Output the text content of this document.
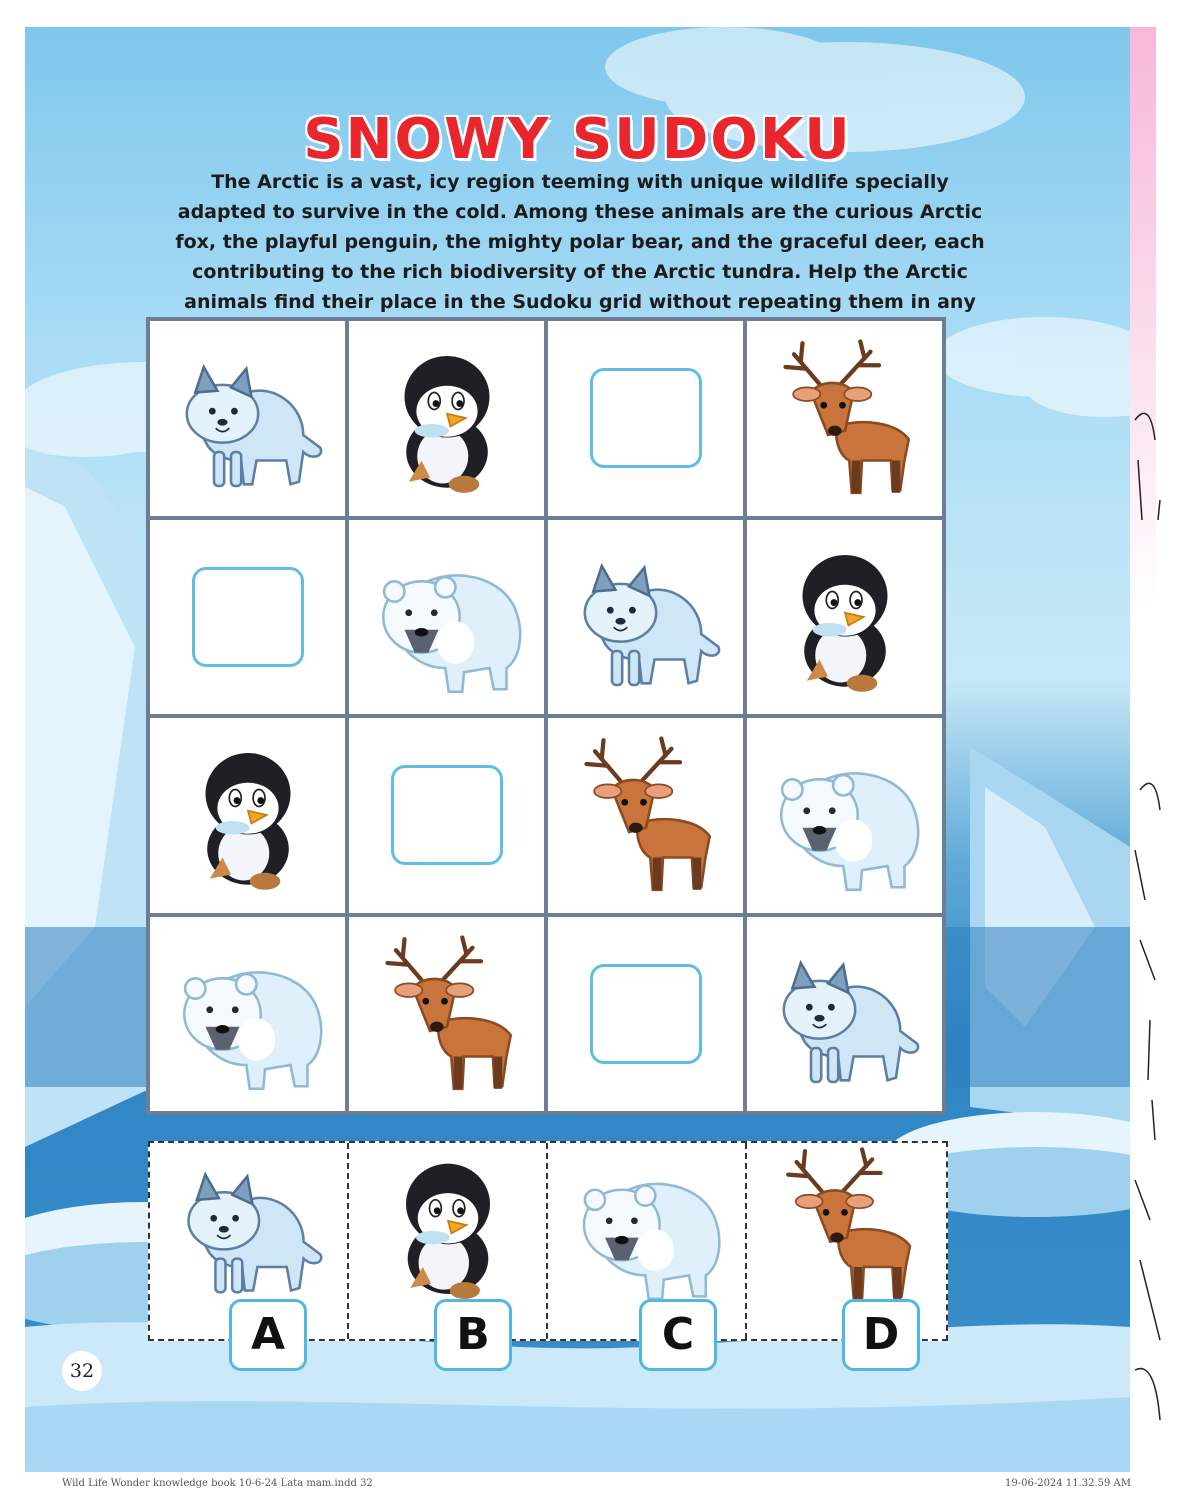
SNOWY SUDOKU
The Arctic is a vast, icy region teeming with unique wildlife specially adapted to survive in the cold. Among these animals are the curious Arctic fox, the playful penguin, the mighty polar bear, and the graceful deer, each contributing to the rich biodiversity of the Arctic tundra. Help the Arctic animals find their place in the Sudoku grid without repeating them in any
32
Wild Life Wonder knowledge book 10-6-24 Lata mam.indd 32	19-06-2024 11.32.59 AM
A	B	C	D
